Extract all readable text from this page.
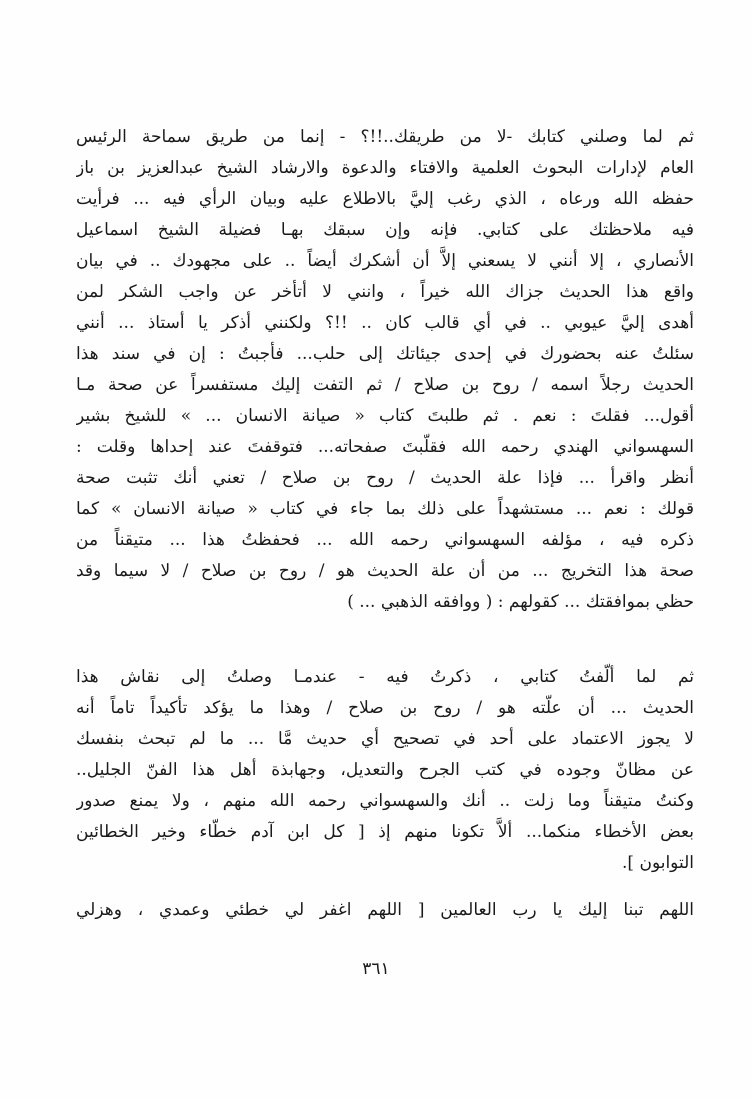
ثم لما وصلني كتابك -لا من طريقك..!!؟ - إنما من طريق سماحة الرئيس
العام لإدارات البحوث العلمية والافتاء والدعوة والارشاد الشيخ عبدالعزيز بن باز
حفظه الله ورعاه ، الذي رغب إليَّ بالاطلاع عليه وبيان الرأي فيه ... فرأيت
فيه ملاحظتك على كتابي. فإنه وإن سبقك بهـا فضيلة الشيخ اسماعيل
الأنصاري ، إلا أنني لا يسعني إلاَّ أن أشكرك أيضاً .. على مجهودك .. في بيان
واقع هذا الحديث جزاك الله خيراً ، وانني لا أتأخر عن واجب الشكر لمن
أهدى إليَّ عيوبي .. في أي قالب كان .. !!؟ ولكنني أذكر يا أستاذ ... أنني
سئلتُ عنه بحضورك في إحدى جيئاتك إلى حلب... فأجبتُ : إن في سند هذا
الحديث رجلاً اسمه / روح بن صلاح / ثم التفت إليك مستفسراً عن صحة مـا
أقول... فقلتَ : نعم . ثم طلبتَ كتاب « صيانة الانسان ... » للشيخ بشير
السهسواني الهندي رحمه الله فقلّبتَ صفحاته... فتوقفتَ عند إحداها وقلت :
أنظر واقرأ ... فإذا علة الحديث / روح بن صلاح / تعني أنك تثبت صحة
قولك : نعم ... مستشهداً على ذلك بما جاء في كتاب « صيانة الانسان » كما
ذكره فيه ، مؤلفه السهسواني رحمه الله ... فحفظتُ هذا ... متيقناً من
صحة هذا التخريج ... من أن علة الحديث هو / روح بن صلاح / لا سيما وقد
حظي بموافقتك ... كقولهم : ( ووافقه الذهبي ... )
ثم لما ألّفتُ كتابي ، ذكرتُ فيه - عندمـا وصلتُ إلى نقاش هذا
الحديث ... أن علّته هو / روح بن صلاح / وهذا ما يؤكد تأكيداً تاماً أنه
لا يجوز الاعتماد على أحد في تصحيح أي حديث مَّا ... ما لم تبحث بنفسك
عن مظانّ وجوده في كتب الجرح والتعديل، وجهابذة أهل هذا الفنّ الجليل..
وكنتُ متيقناً وما زلت .. أنك والسهسواني رحمه الله منهم ، ولا يمنع صدور
بعض الأخطاء منكما... ألاَّ تكونا منهم إذ [ كل ابن آدم خطّاء وخير الخطائين
التوابون ].
اللهم تبنا إليك يا رب العالمين [ اللهم اغفر لي خطئي وعمدي ، وهزلي
٣٦١
